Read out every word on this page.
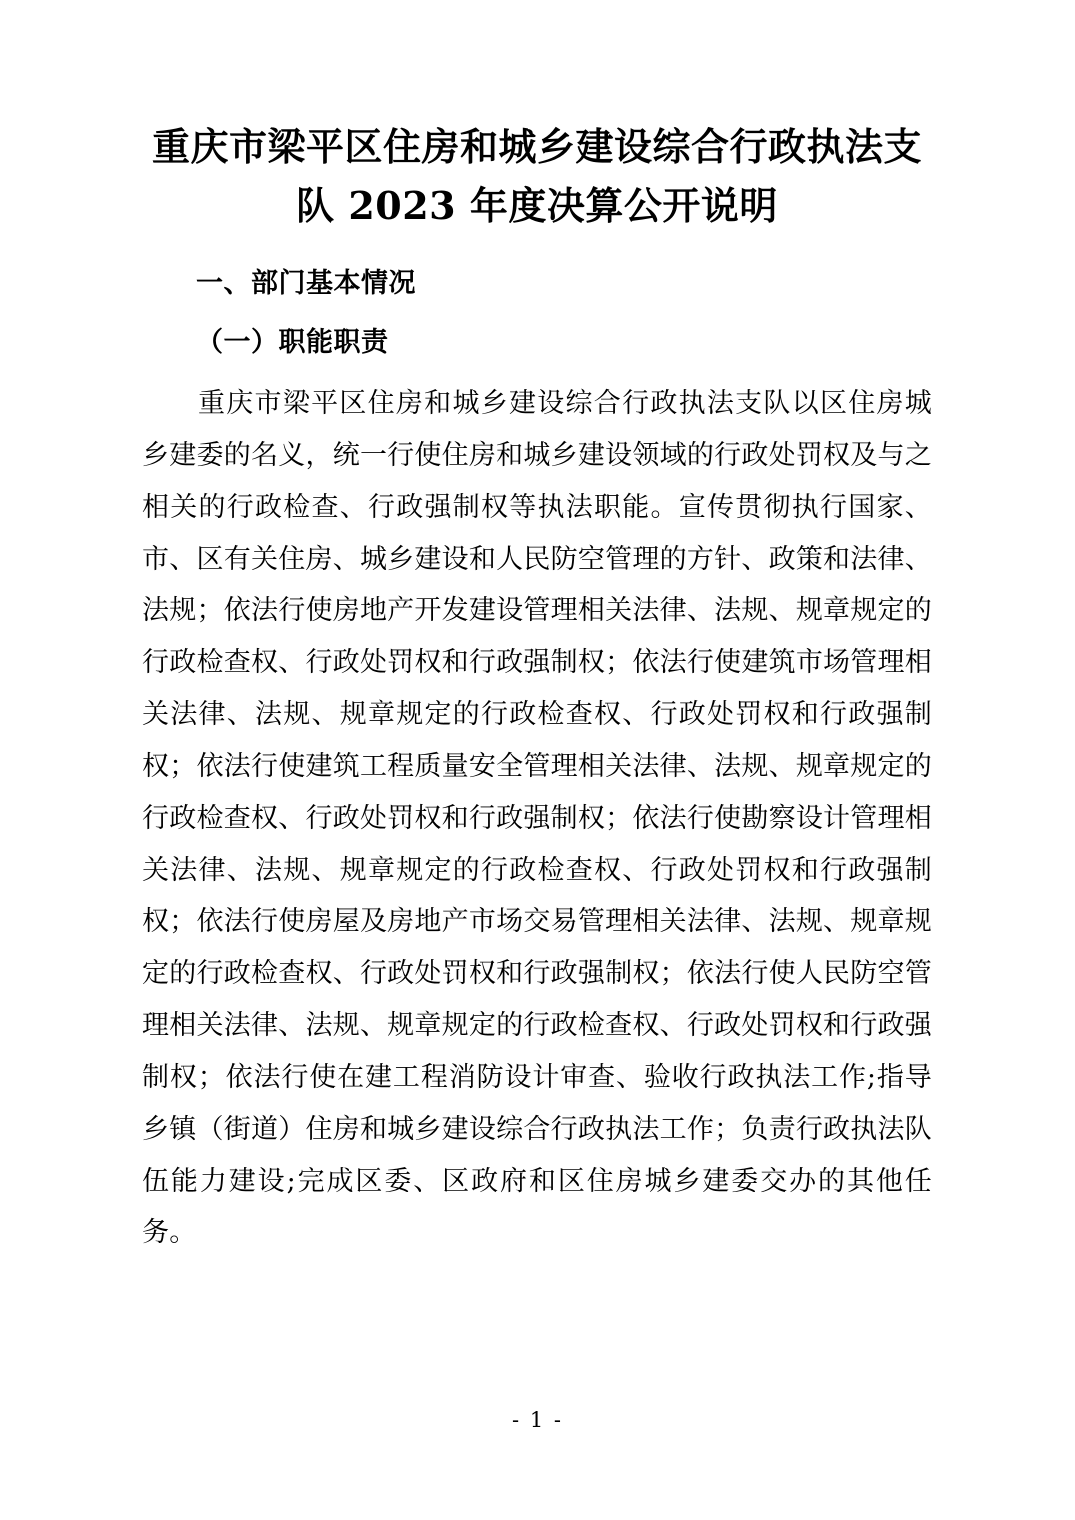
重庆市梁平区住房和城乡建设综合行政执法支队 2023 年度决算公开说明
一、部门基本情况
（一）职能职责

重庆市梁平区住房和城乡建设综合行政执法支队以区住房城乡建委的名义，统一行使住房和城乡建设领域的行政处罚权及与之相关的行政检查、行政强制权等执法职能。宣传贯彻执行国家、市、区有关住房、城乡建设和人民防空管理的方针、政策和法律、法规；依法行使房地产开发建设管理相关法律、法规、规章规定的行政检查权、行政处罚权和行政强制权；依法行使建筑市场管理相关法律、法规、规章规定的行政检查权、行政处罚权和行政强制权；依法行使建筑工程质量安全管理相关法律、法规、规章规定的行政检查权、行政处罚权和行政强制权；依法行使勘察设计管理相关法律、法规、规章规定的行政检查权、行政处罚权和行政强制权；依法行使房屋及房地产市场交易管理相关法律、法规、规章规定的行政检查权、行政处罚权和行政强制权；依法行使人民防空管理相关法律、法规、规章规定的行政检查权、行政处罚权和行政强制权；依法行使在建工程消防设计审查、验收行政执法工作;指导乡镇（街道）住房和城乡建设综合行政执法工作；负责行政执法队伍能力建设;完成区委、区政府和区住房城乡建委交办的其他任务。

- 1 -
